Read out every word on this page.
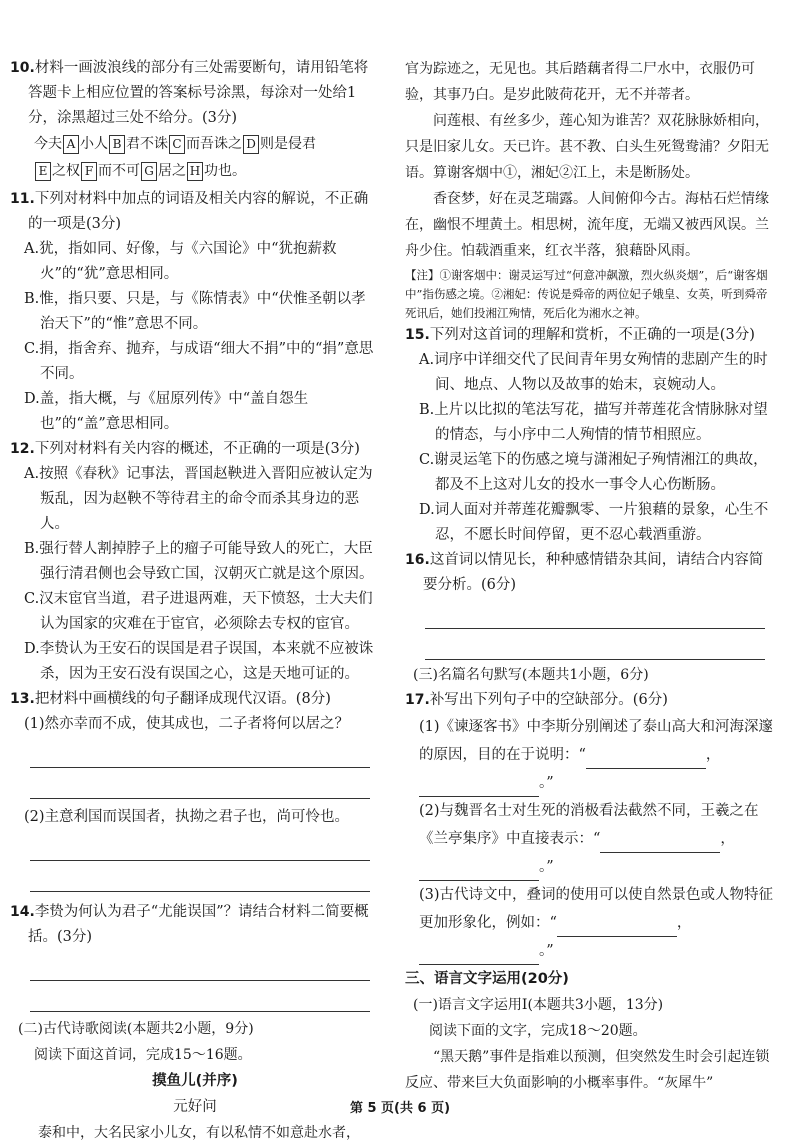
10.材料一画波浪线的部分有三处需要断句，请用铅笔将答题卡上相应位置的答案标号涂黑，每涂对一处给1分，涂黑超过三处不给分。(3分)

今夫 A 小人 B 君不诛 C 而吾诛之 D 则是侵君
E 之权 F 而不可 G 居之 H 功也。

11.下列对材料中加点的词语及相关内容的解说，不正确的一项是(3分)

A.犹，指如同、好像，与《六国论》中“犹抱薪救火”的“犹”意思相同。

B.惟，指只要、只是，与《陈情表》中“伏惟圣朝以孝治天下”的“惟”意思不同。

C.捐，指舍弃、抛弃，与成语“细大不捐”中的“捐”意思不同。

D.盖，指大概，与《屈原列传》中“盖自怨生也”的“盖”意思相同。

12.下列对材料有关内容的概述，不正确的一项是(3分)

A.按照《春秋》记事法，晋国赵鞅进入晋阳应被认定为叛乱，因为赵鞅不等待君主的命令而杀其身边的恶人。

B.强行替人割掉脖子上的瘤子可能导致人的死亡，大臣强行清君侧也会导致亡国，汉朝灭亡就是这个原因。

C.汉末宦官当道，君子进退两难，天下愤怒，士大夫们认为国家的灾难在于宦官，必须除去专权的宦官。

D.李贽认为王安石的误国是君子误国，本来就不应被诛杀，因为王安石没有误国之心，这是天地可证的。

13.把材料中画横线的句子翻译成现代汉语。(8分)

(1)然亦幸而不成，使其成也，二子者将何以居之？

(2)主意利国而误国者，执拗之君子也，尚可怜也。

14.李贽为何认为君子“尤能误国”？请结合材料二简要概括。(3分)

(二)古代诗歌阅读(本题共2小题，9分)

阅读下面这首词，完成15～16题。

摸鱼儿(并序)

元好问

泰和中，大名民家小儿女，有以私情不如意赴水者，

官为踪迹之，无见也。其后踏藕者得二尸水中，衣服仍可验，其事乃白。是岁此陂荷花开，无不并蒂者。

问莲根、有丝多少，莲心知为谁苦？双花脉脉娇相向，只是旧家儿女。天已许。甚不教、白头生死鸳鸯浦？夕阳无语。算谢客烟中①，湘妃②江上，未是断肠处。

香奁梦，好在灵芝瑞露。人间俯仰今古。海枯石烂情缘在，幽恨不埋黄土。相思树，流年度，无端又被西风误。兰舟少住。怕载酒重来，红衣半落，狼藉卧风雨。

【注】①谢客烟中：谢灵运写过“何意冲飙激，烈火纵炎烟”，后“谢客烟中”指伤感之境。②湘妃：传说是舜帝的两位妃子娥皇、女英，听到舜帝死讯后，她们投湘江殉情，死后化为湘水之神。

15.下列对这首词的理解和赏析，不正确的一项是(3分)

A.词序中详细交代了民间青年男女殉情的悲剧产生的时间、地点、人物以及故事的始末，哀婉动人。

B.上片以比拟的笔法写花，描写并蒂莲花含情脉脉对望的情态，与小序中二人殉情的情节相照应。

C.谢灵运笔下的伤感之境与潇湘妃子殉情湘江的典故，都及不上这对儿女的投水一事令人心伤断肠。

D.词人面对并蒂莲花瓣飘零、一片狼藉的景象，心生不忍，不愿长时间停留，更不忍心载酒重游。

16.这首词以情见长，种种感情错杂其间，请结合内容简要分析。(6分)

(三)名篇名句默写(本题共1小题，6分)

17.补写出下列句子中的空缺部分。(6分)

(1)《谏逐客书》中李斯分别阐述了泰山高大和河海深邃的原因，目的在于说明：“	，。”

(2)与魏晋名士对生死的消极看法截然不同，王羲之在《兰亭集序》中直接表示：“	，。”

(3)古代诗文中，叠词的使用可以使自然景色或人物特征更加形象化，例如：“	，。”

三、语言文字运用(20分)

(一)语言文字运用Ⅰ(本题共3小题，13分)

阅读下面的文字，完成18～20题。

“黑天鹅”事件是指难以预测，但突然发生时会引起连锁反应、带来巨大负面影响的小概率事件。“灰犀牛”

第 5 页(共 6 页)
